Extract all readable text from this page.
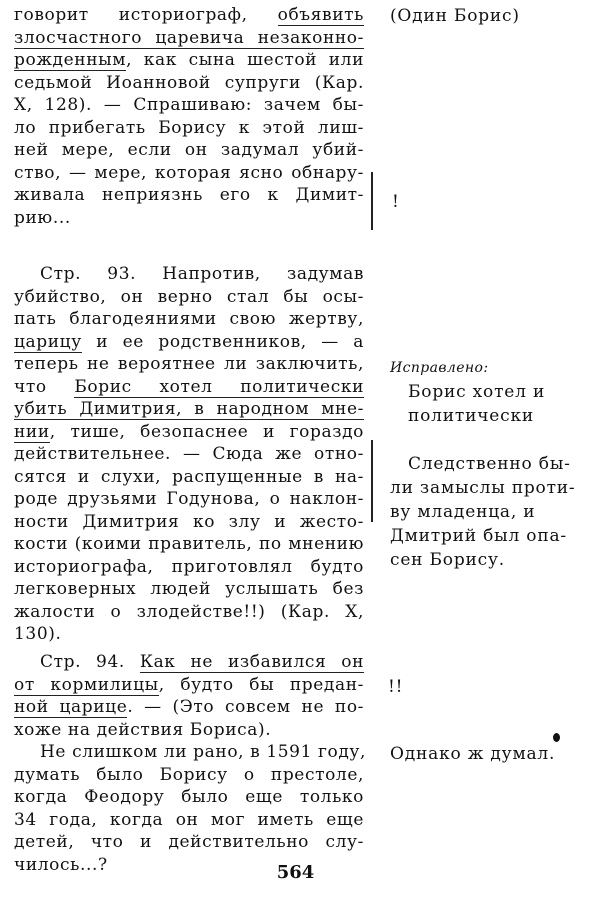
говорит историограф, объявить
злосчастного царевича незаконно-
рожденным, как сына шестой или
седьмой Иоанновой супруги (Кар.
X, 128). — Спрашиваю: зачем бы-
ло прибегать Борису к этой лиш-
ней мере, если он задумал убий-
ство, — мере, которая ясно обнару-
живала неприязнь его к Димит-
рию...
Стр. 93. Напротив, задумав
убийство, он верно стал бы осы-
пать благодеяниями свою жертву,
царицу и ее родственников, — а
теперь не вероятнее ли заключить,
что Борис хотел политически
убить Димитрия, в народном мне-
нии, тише, безопаснее и гораздо
действительнее. — Сюда же отно-
сятся и слухи, распущенные в на-
роде друзьями Годунова, о наклон-
ности Димитрия ко злу и жесто-
кости (коими правитель, по мнению
историографа, приготовлял будто
легковерных людей услышать без
жалости о злодействе!!) (Кар. X,
130).
Стр. 94. Как не избавился он
от кормилицы, будто бы предан-
ной царице. — (Это совсем не по-
хоже на действия Бориса).
Не слишком ли рано, в 1591 году,
думать было Борису о престоле,
когда Феодору было еще только
34 года, когда он мог иметь еще
детей, что и действительно слу-
чилось...?
(Один Борис)
!
Исправлено:
Борис хотел и
политически
Следственно бы-
ли замыслы проти-
ву младенца, и
Дмитрий был опа-
сен Борису.
!!
Однако ж думал.
564
